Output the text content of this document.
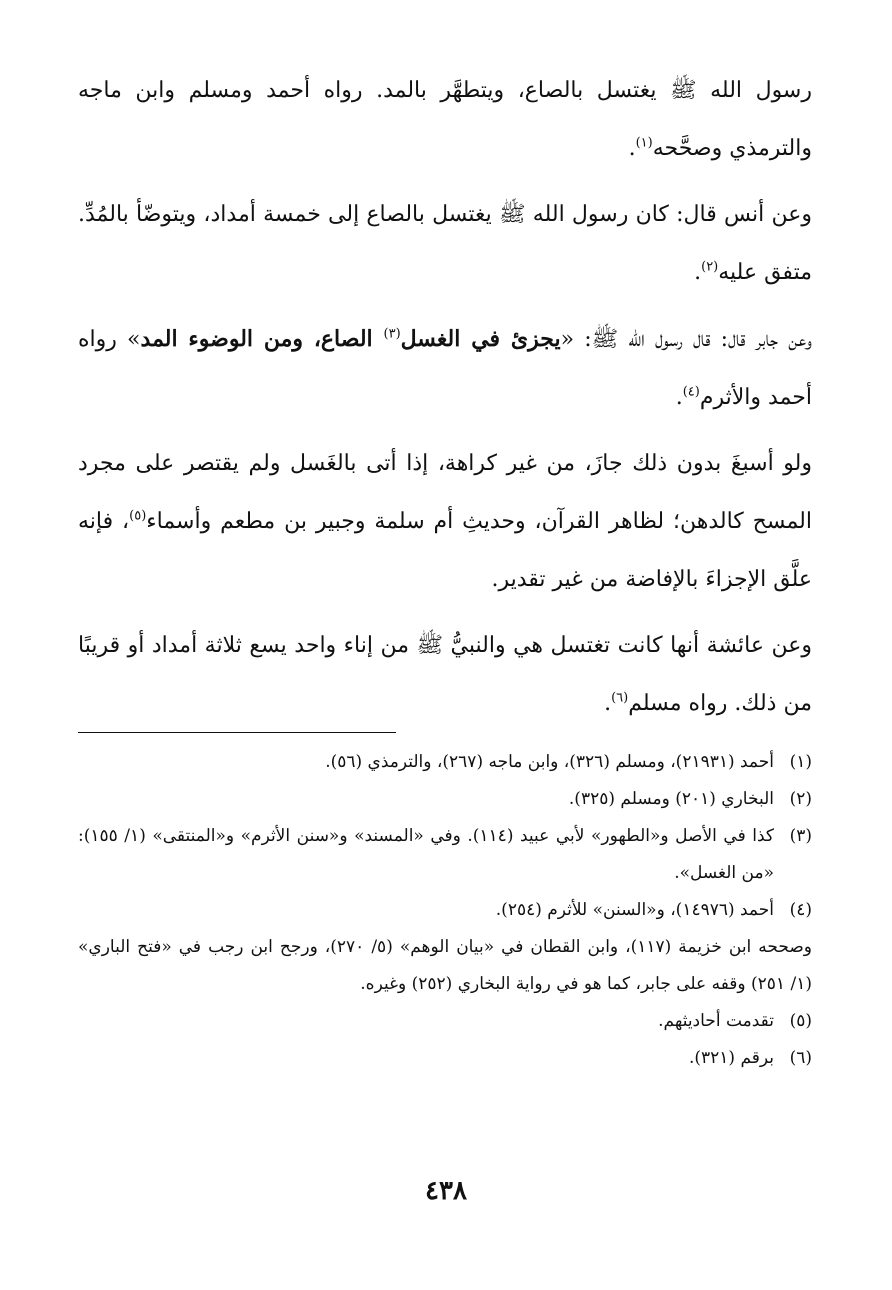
رسول الله ﷺ يغتسل بالصاع، ويتطهَّر بالمد. رواه أحمد ومسلم وابن ماجه والترمذي وصحَّحه$^{(١)}$.

وعن أنس قال: كان رسول الله ﷺ يغتسل بالصاع إلى خمسة أمداد، ويتوضّأ بالمُدِّ. متفق عليه$^{(٢)}$.

وعن جابر قال: قال رسول الله ﷺ: «يجزئ في الغسل$^{(٣)}$ الصاع، ومن الوضوء المد» رواه أحمد والأثرم$^{(٤)}$.

ولو أسبغَ بدون ذلك جازَ، من غير كراهة، إذا أتى بالغَسل ولم يقتصر على مجرد المسح كالدهن؛ لظاهر القرآن، وحديثِ أم سلمة وجبير بن مطعم وأسماء$^{(٥)}$، فإنه علَّق الإجزاءَ بالإفاضة من غير تقدير.

وعن عائشة أنها كانت تغتسل هي والنبيُّ ﷺ من إناء واحد يسع ثلاثة أمداد أو قريبًا من ذلك. رواه مسلم$^{(٦)}$.

(١)
أحمد (٢١٩٣١)، ومسلم (٣٢٦)، وابن ماجه (٢٦٧)، والترمذي (٥٦).
(٢)
البخاري (٢٠١) ومسلم (٣٢٥).
(٣)
كذا في الأصل و«الطهور» لأبي عبيد (١١٤). وفي «المسند» و«سنن الأثرم» و«المنتقى» (١/ ١٥٥): «من الغسل».
(٤)
أحمد (١٤٩٧٦)، و«السنن» للأثرم (٢٥٤).
وصححه ابن خزيمة (١١٧)، وابن القطان في «بيان الوهم» (٥/ ٢٧٠)، ورجح ابن رجب في «فتح الباري» (١/ ٢٥١) وقفه على جابر، كما هو في رواية البخاري (٢٥٢) وغيره.
(٥)
تقدمت أحاديثهم.
(٦)
برقم (٣٢١).
٤٣٨
